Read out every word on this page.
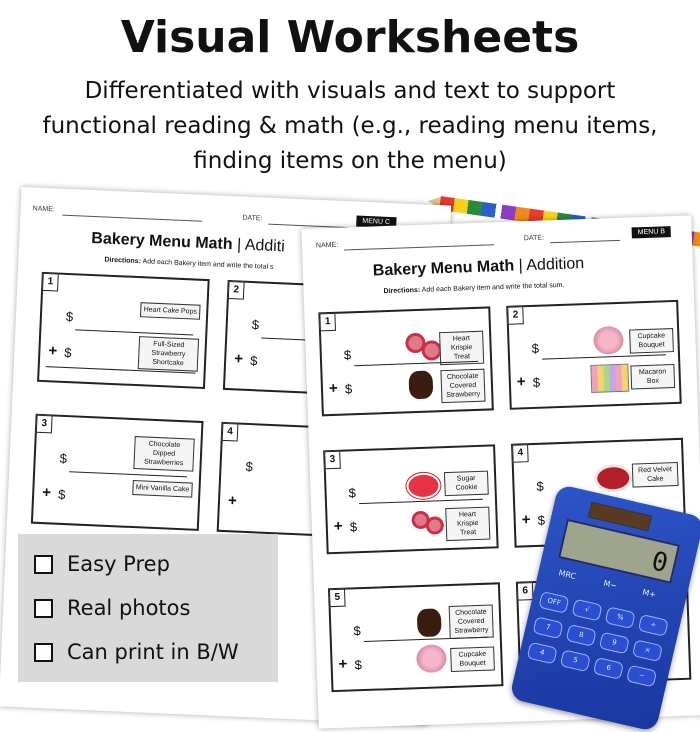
Visual Worksheets
Differentiated with visuals and text to support functional reading & math (e.g., reading menu items, finding items on the menu)
NAME:
DATE:	MENU C
Bakery Menu Math | Additi
Directions: Add each Bakery item and write the total s
1
$	Heart Cake Pops
+ $	Full-Sized Strawberry Shortcake
2
$
+ $
3
$
Chocolate Dipped Strawberries
+ $	Mini Vanilla Cake
4
$
+
NAME:
DATE:
MENU B
Bakery Menu Math | Addition
Directions: Add each Bakery item and write the total sum.
1
$
Heart Krispie Treat
+ $
Chocolate Covered Strawberry
2
$
Cupcake Bouquet
+ $
Macaron Box
3
$
Sugar Cookie
+ $
Heart Krispie Treat
4
$
Red Velvet Cake
+ $
5
$
Chocolate Covered Strawberry
+ $
Cupcake Bouquet
6
Easy Prep
Real photos
Can print in B/W
0
MRC
M−
M+
OFF
√
%
÷
7
8
9
×
4
5
6
−
